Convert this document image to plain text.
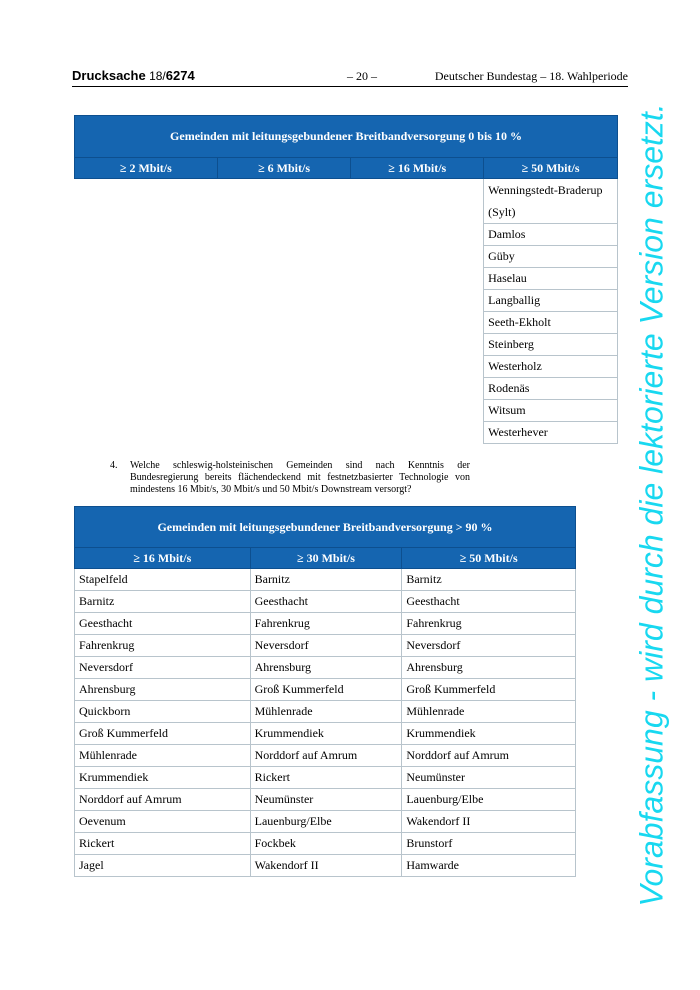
Drucksache 18/6274	– 20 –	Deutscher Bundestag – 18. Wahlperiode
Gemeinden mit leitungsgebundener Breitbandversorgung 0 bis 10 %			
≥ 2 Mbit/s	≥ 6 Mbit/s	≥ 16 Mbit/s	≥ 50 Mbit/s
			Wenningstedt-Braderup (Sylt)
			Damlos
			Güby
			Haselau
			Langballig
			Seeth-Ekholt
			Steinberg
			Westerholz
			Rodenäs
			Witsum
			Westerhever
4. Welche schleswig-holsteinischen Gemeinden sind nach Kenntnis der Bundesregierung bereits flächendeckend mit festnetzbasierter Technologie von mindestens 16 Mbit/s, 30 Mbit/s und 50 Mbit/s Downstream versorgt?
Gemeinden mit leitungsgebundener Breitbandversorgung > 90 %		
≥ 16 Mbit/s	≥ 30 Mbit/s	≥ 50 Mbit/s
Stapelfeld	Barnitz	Barnitz
Barnitz	Geesthacht	Geesthacht
Geesthacht	Fahrenkrug	Fahrenkrug
Fahrenkrug	Neversdorf	Neversdorf
Neversdorf	Ahrensburg	Ahrensburg
Ahrensburg	Groß Kummerfeld	Groß Kummerfeld
Quickborn	Mühlenrade	Mühlenrade
Groß Kummerfeld	Krummendiek	Krummendiek
Mühlenrade	Norddorf auf Amrum	Norddorf auf Amrum
Krummendiek	Rickert	Neumünster
Norddorf auf Amrum	Neumünster	Lauenburg/Elbe
Oevenum	Lauenburg/Elbe	Wakendorf II
Rickert	Fockbek	Brunstorf
Jagel	Wakendorf II	Hamwarde	Vorabfassung - wird durch die lektorierte Version ersetzt.
